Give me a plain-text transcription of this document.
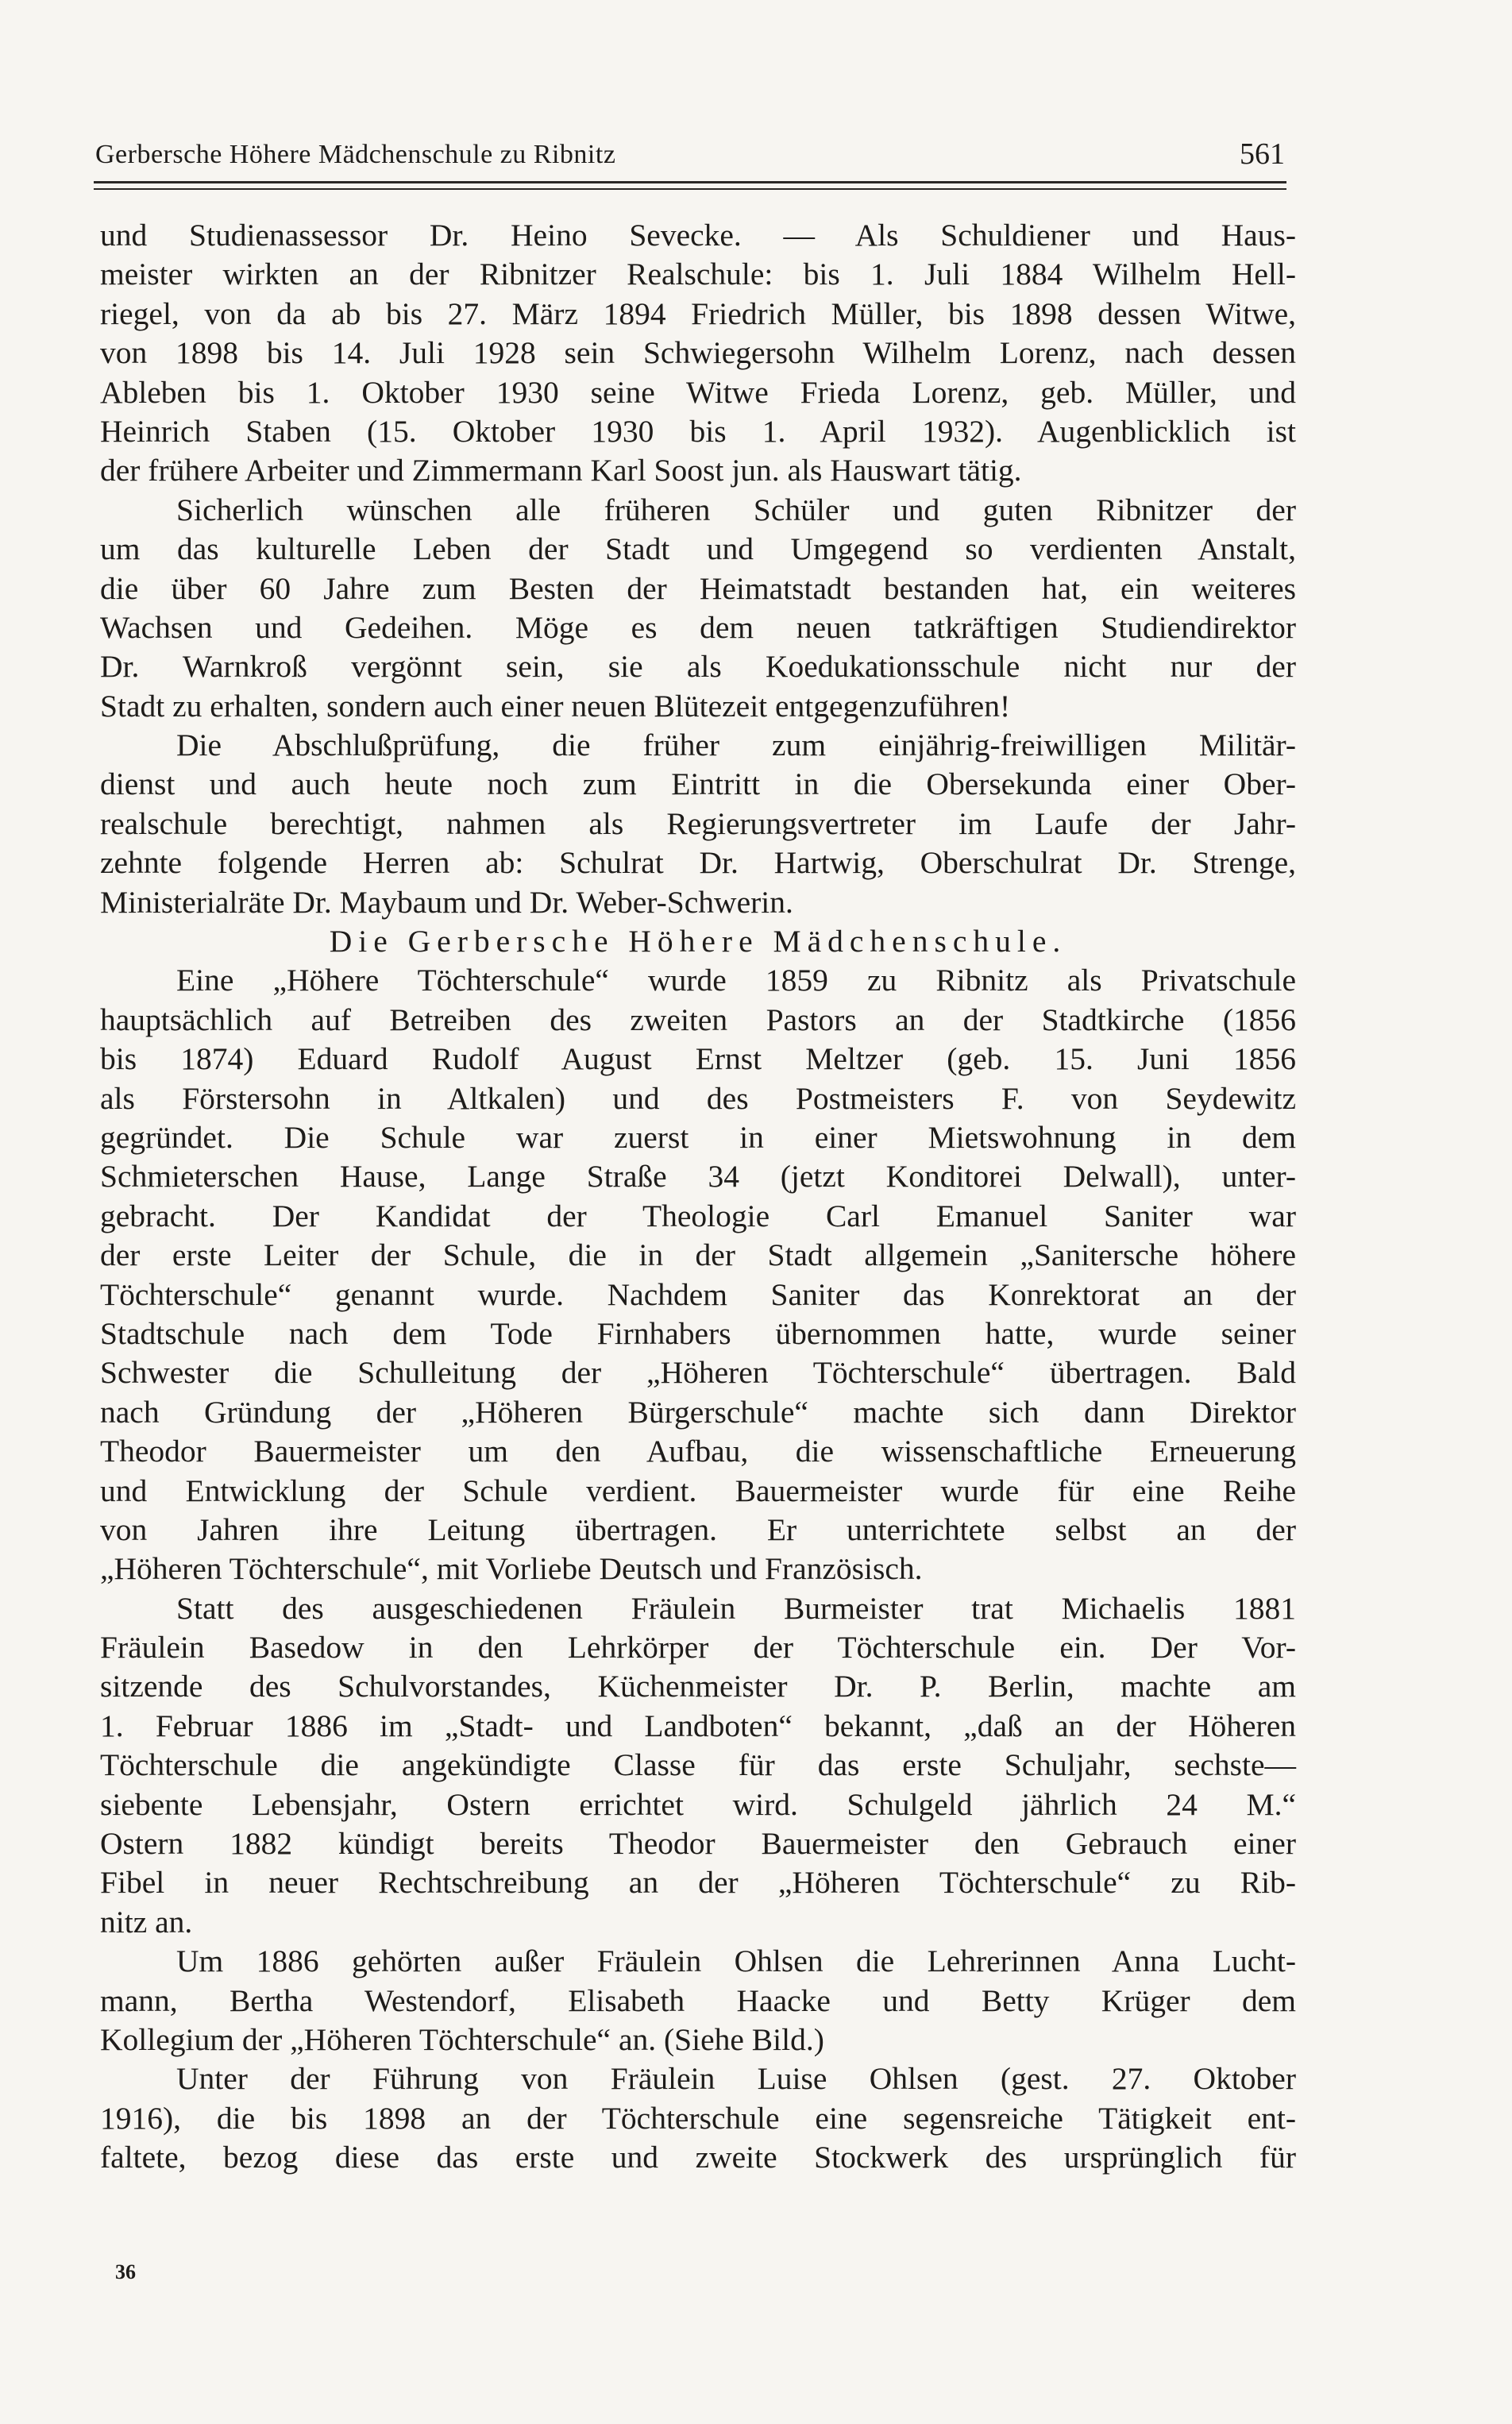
Gerbersche Höhere Mädchenschule zu Ribnitz	561
und Studienassessor Dr. Heino Sevecke. — Als Schuldiener und Haus-
meister wirkten an der Ribnitzer Realschule: bis 1. Juli 1884 Wilhelm Hell-
riegel, von da ab bis 27. März 1894 Friedrich Müller, bis 1898 dessen Witwe,
von 1898 bis 14. Juli 1928 sein Schwiegersohn Wilhelm Lorenz, nach dessen
Ableben bis 1. Oktober 1930 seine Witwe Frieda Lorenz, geb. Müller, und
Heinrich Staben (15. Oktober 1930 bis 1. April 1932). Augenblicklich ist
der frühere Arbeiter und Zimmermann Karl Soost jun. als Hauswart tätig.
Sicherlich wünschen alle früheren Schüler und guten Ribnitzer der
um das kulturelle Leben der Stadt und Umgegend so verdienten Anstalt,
die über 60 Jahre zum Besten der Heimatstadt bestanden hat, ein weiteres
Wachsen und Gedeihen. Möge es dem neuen tatkräftigen Studiendirektor
Dr. Warnkroß vergönnt sein, sie als Koedukationsschule nicht nur der
Stadt zu erhalten, sondern auch einer neuen Blütezeit entgegenzuführen!
Die Abschlußprüfung, die früher zum einjährig-freiwilligen Militär-
dienst und auch heute noch zum Eintritt in die Obersekunda einer Ober-
realschule berechtigt, nahmen als Regierungsvertreter im Laufe der Jahr-
zehnte folgende Herren ab: Schulrat Dr. Hartwig, Oberschulrat Dr. Strenge,
Ministerialräte Dr. Maybaum und Dr. Weber-Schwerin.
Die Gerbersche Höhere Mädchenschule.
Eine „Höhere Töchterschule“ wurde 1859 zu Ribnitz als Privatschule
hauptsächlich auf Betreiben des zweiten Pastors an der Stadtkirche (1856
bis 1874) Eduard Rudolf August Ernst Meltzer (geb. 15. Juni 1856
als Förstersohn in Altkalen) und des Postmeisters F. von Seydewitz
gegründet. Die Schule war zuerst in einer Mietswohnung in dem
Schmieterschen Hause, Lange Straße 34 (jetzt Konditorei Delwall), unter-
gebracht. Der Kandidat der Theologie Carl Emanuel Saniter war
der erste Leiter der Schule, die in der Stadt allgemein „Sanitersche höhere
Töchterschule“ genannt wurde. Nachdem Saniter das Konrektorat an der
Stadtschule nach dem Tode Firnhabers übernommen hatte, wurde seiner
Schwester die Schulleitung der „Höheren Töchterschule“ übertragen. Bald
nach Gründung der „Höheren Bürgerschule“ machte sich dann Direktor
Theodor Bauermeister um den Aufbau, die wissenschaftliche Erneuerung
und Entwicklung der Schule verdient. Bauermeister wurde für eine Reihe
von Jahren ihre Leitung übertragen. Er unterrichtete selbst an der
„Höheren Töchterschule“, mit Vorliebe Deutsch und Französisch.
Statt des ausgeschiedenen Fräulein Burmeister trat Michaelis 1881
Fräulein Basedow in den Lehrkörper der Töchterschule ein. Der Vor-
sitzende des Schulvorstandes, Küchenmeister Dr. P. Berlin, machte am
1. Februar 1886 im „Stadt- und Landboten“ bekannt, „daß an der Höheren
Töchterschule die angekündigte Classe für das erste Schuljahr, sechste—
siebente Lebensjahr, Ostern errichtet wird. Schulgeld jährlich 24 M.“
Ostern 1882 kündigt bereits Theodor Bauermeister den Gebrauch einer
Fibel in neuer Rechtschreibung an der „Höheren Töchterschule“ zu Rib-
nitz an.
Um 1886 gehörten außer Fräulein Ohlsen die Lehrerinnen Anna Lucht-
mann, Bertha Westendorf, Elisabeth Haacke und Betty Krüger dem
Kollegium der „Höheren Töchterschule“ an. (Siehe Bild.)
Unter der Führung von Fräulein Luise Ohlsen (gest. 27. Oktober
1916), die bis 1898 an der Töchterschule eine segensreiche Tätigkeit ent-
faltete, bezog diese das erste und zweite Stockwerk des ursprünglich für
36
